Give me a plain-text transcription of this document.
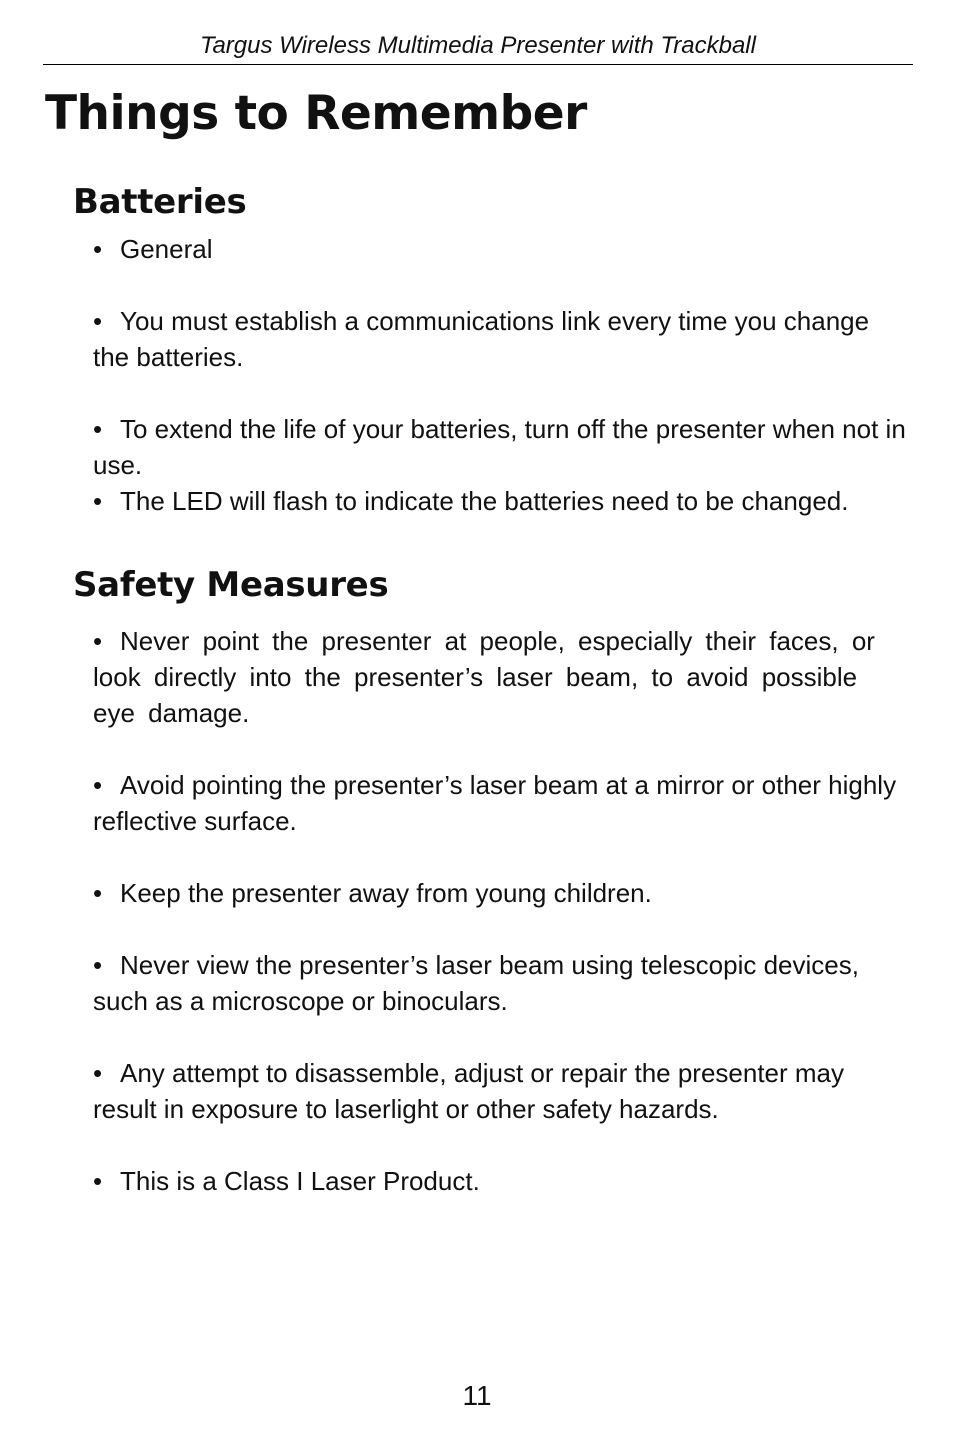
Targus Wireless Multimedia Presenter with Trackball
Things to Remember
Batteries

• General

• You must establish a communications link every time you change the batteries.

• To extend the life of your batteries, turn off the presenter when not in use.

• The LED will flash to indicate the batteries need to be changed.

Safety Measures

• Never point the presenter at people, especially their faces, or look directly into the presenter’s laser beam, to avoid possible eye damage.

• Avoid pointing the presenter’s laser beam at a mirror or other highly reflective surface.

• Keep the presenter away from young children.

• Never view the presenter’s laser beam using telescopic devices, such as a microscope or binoculars.

• Any attempt to disassemble, adjust or repair the presenter may result in exposure to laserlight or other safety hazards.

• This is a Class I Laser Product.

11
